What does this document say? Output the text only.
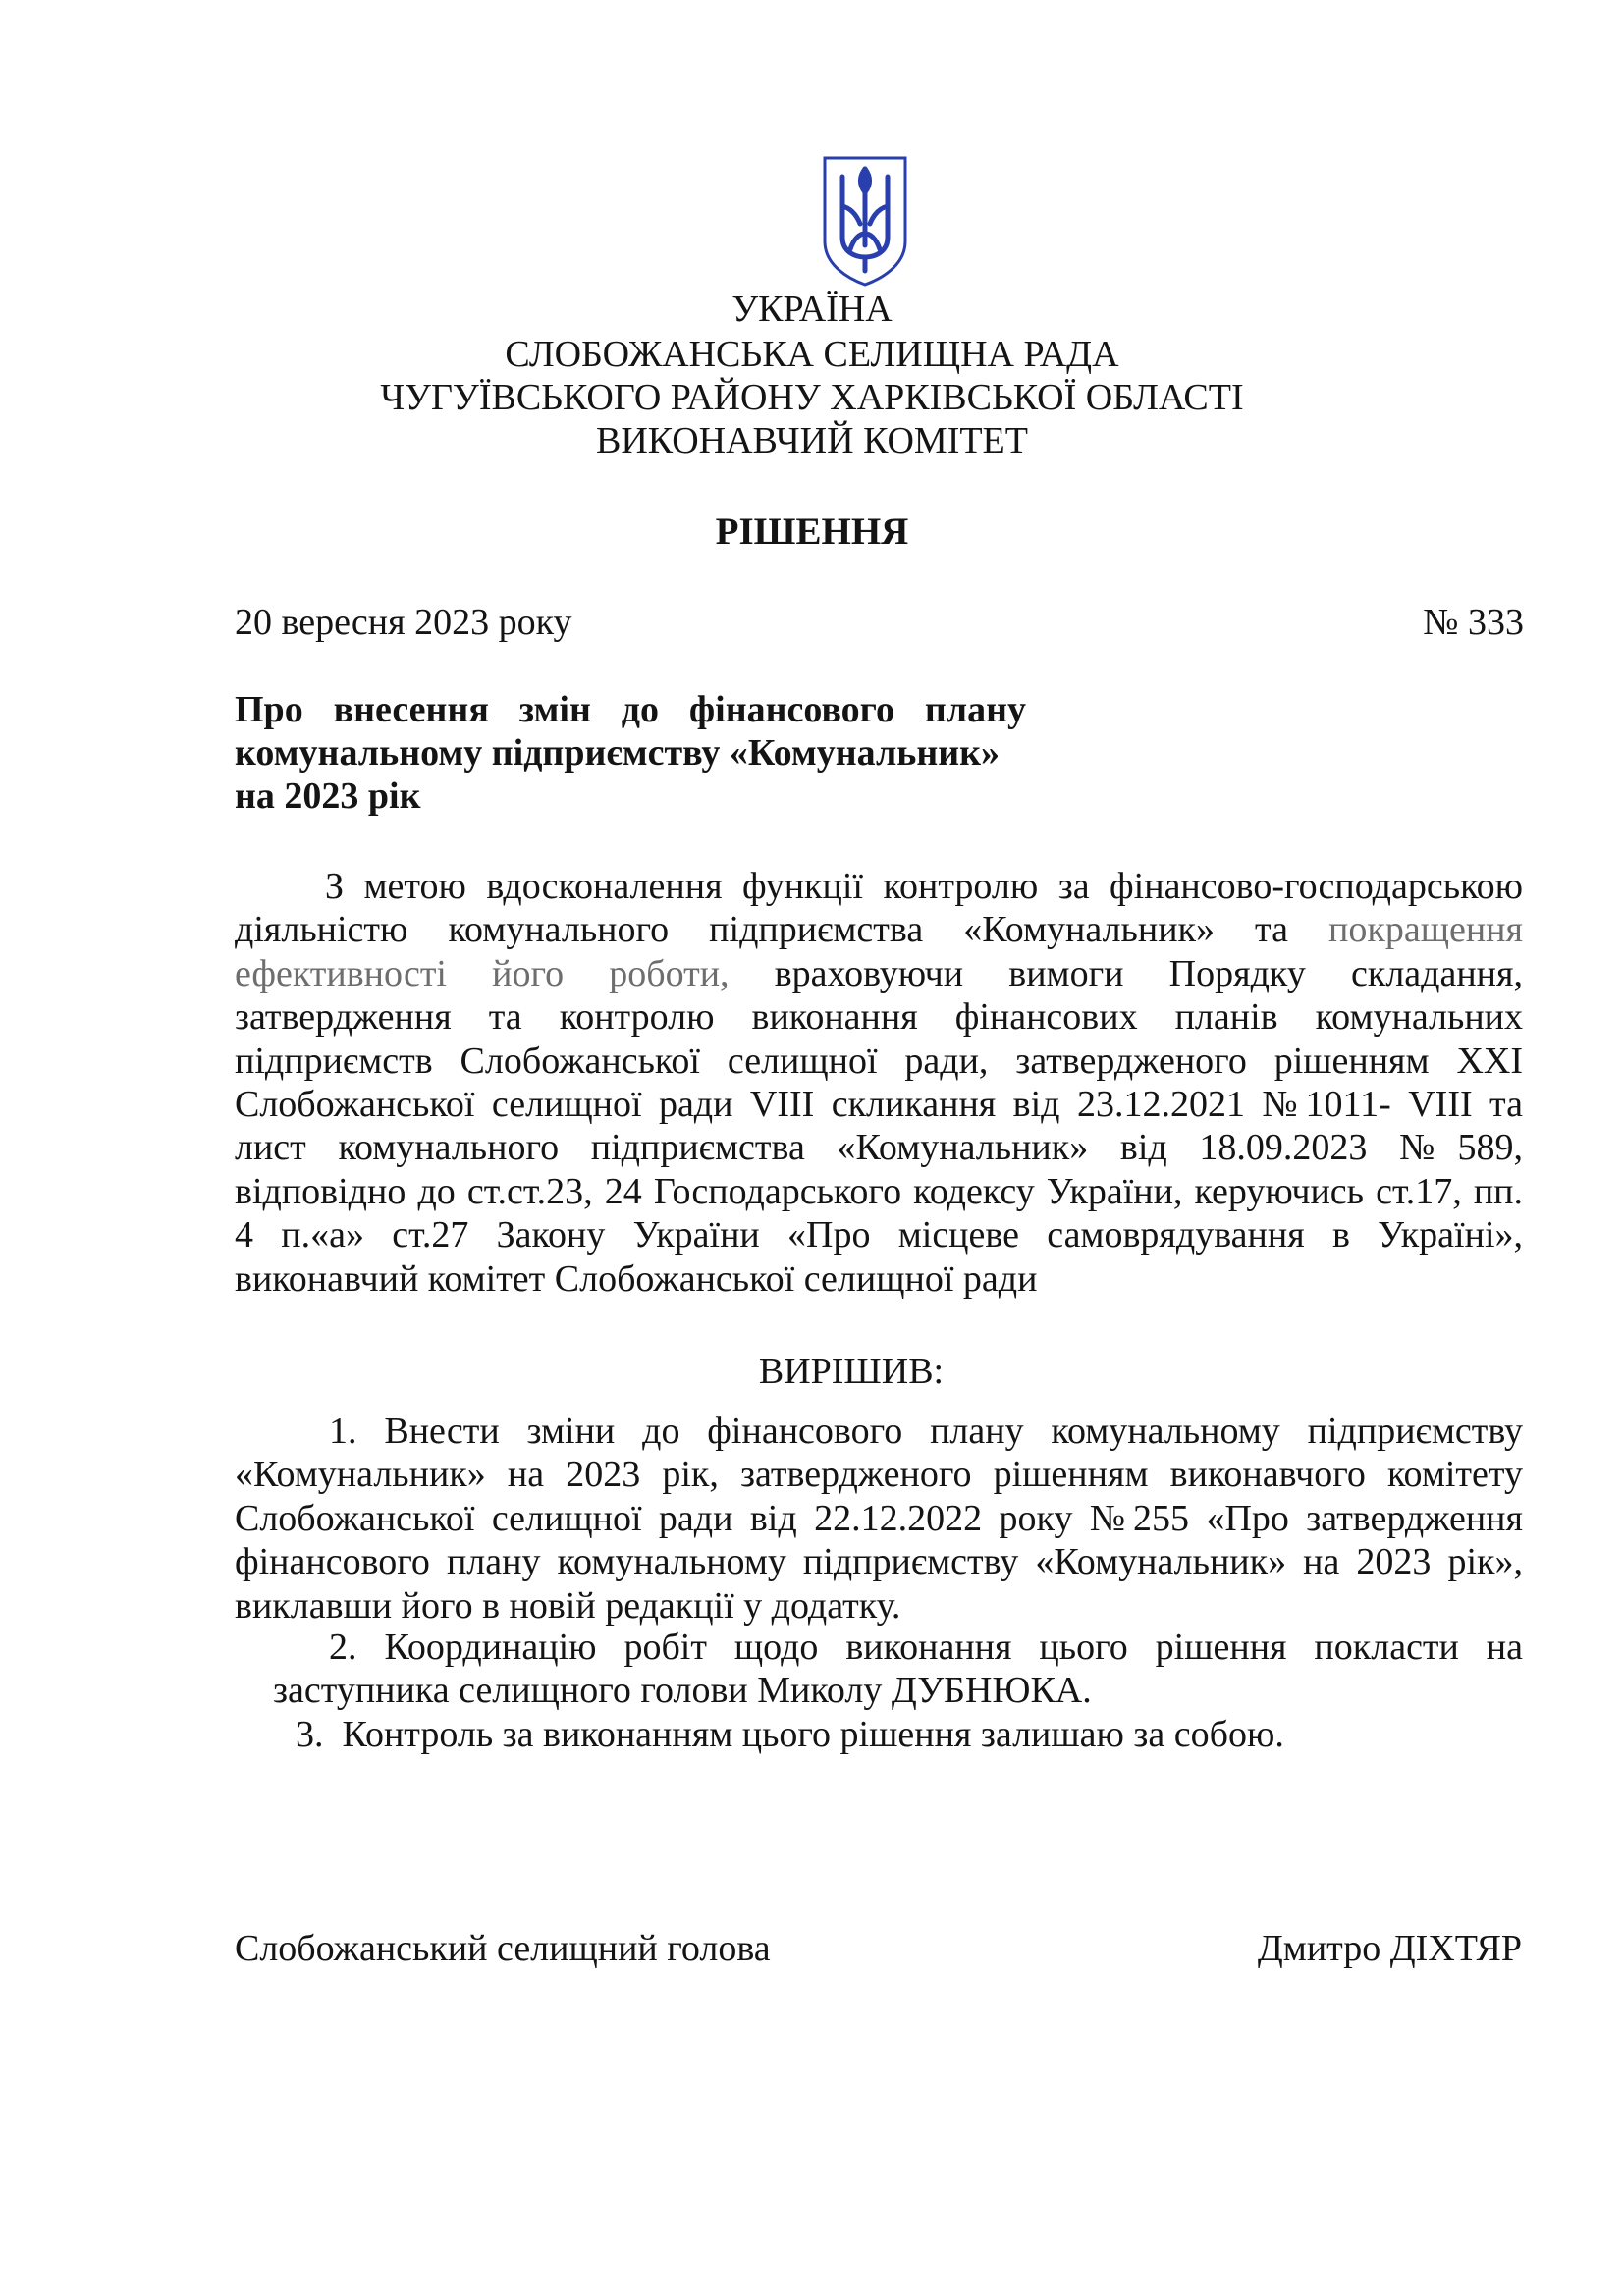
УКРАЇНА
СЛОБОЖАНСЬКА СЕЛИЩНА РАДА
ЧУГУЇВСЬКОГО РАЙОНУ ХАРКІВСЬКОЇ ОБЛАСТІ
ВИКОНАВЧИЙ КОМІТЕТ
РІШЕННЯ
20 вересня 2023 року	№ 333
Про внесення змін до фінансового плану
комунальному підприємству «Комунальник»
на 2023 рік
З метою вдосконалення функції контролю за фінансово-господарською діяльністю комунального підприємства «Комунальник» та покращення ефективності його роботи, враховуючи вимоги Порядку складання, затвердження та контролю виконання фінансових планів комунальних підприємств Слобожанської селищної ради, затвердженого рішенням ХХІ Слобожанської селищної ради VIII скликання від 23.12.2021 №1011- VIII та лист комунального підприємства «Комунальник» від 18.09.2023 №589, відповідно до ст.ст.23, 24 Господарського кодексу України, керуючись ст.17, пп. 4 п.«а» ст.27 Закону України «Про місцеве самоврядування в Україні», виконавчий комітет Слобожанської селищної ради
ВИРІШИВ:
1. Внести зміни до фінансового плану комунальному підприємству «Комунальник» на 2023 рік, затвердженого рішенням виконавчого комітету Слобожанської селищної ради від 22.12.2022 року №255 «Про затвердження фінансового плану комунальному підприємству «Комунальник» на 2023 рік», виклавши його в новій редакції у додатку.
2. Координацію робіт щодо виконання цього рішення покласти на заступника селищного голови Миколу ДУБНЮКА.
3. Контроль за виконанням цього рішення залишаю за собою.
Слобожанський селищний голова	Дмитро ДІХТЯР
